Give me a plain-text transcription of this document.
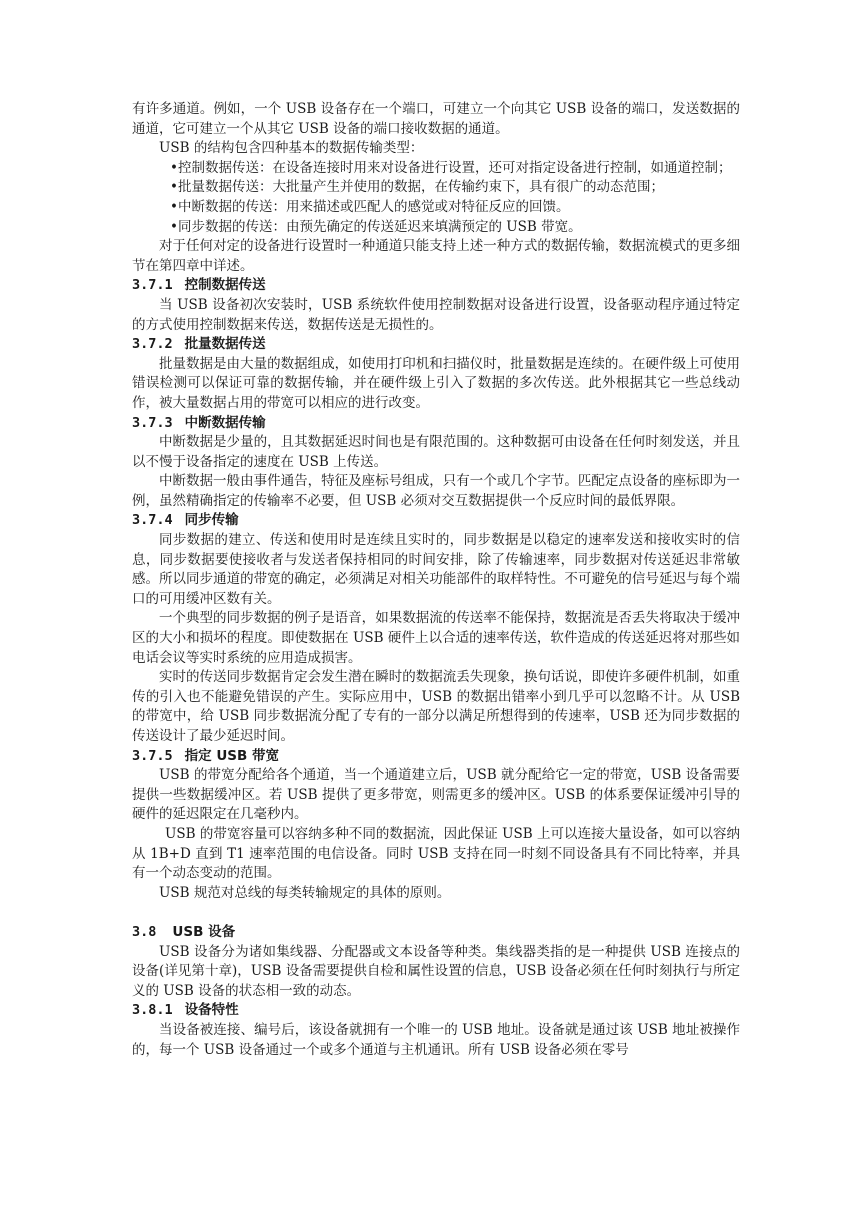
有许多通道。例如，一个 USB 设备存在一个端口，可建立一个向其它 USB 设备的端口，发送数据的通道，它可建立一个从其它 USB 设备的端口接收数据的通道。

USB 的结构包含四种基本的数据传输类型：

•控制数据传送：在设备连接时用来对设备进行设置，还可对指定设备进行控制，如通道控制；

•批量数据传送：大批量产生并使用的数据，在传输约束下，具有很广的动态范围；

•中断数据的传送：用来描述或匹配人的感觉或对特征反应的回馈。

•同步数据的传送：由预先确定的传送延迟来填满预定的 USB 带宽。

对于任何对定的设备进行设置时一种通道只能支持上述一种方式的数据传输，数据流模式的更多细节在第四章中详述。

3.7.1 控制数据传送

当 USB 设备初次安装时，USB 系统软件使用控制数据对设备进行设置，设备驱动程序通过特定的方式使用控制数据来传送，数据传送是无损性的。

3.7.2 批量数据传送

批量数据是由大量的数据组成，如使用打印机和扫描仪时，批量数据是连续的。在硬件级上可使用错误检测可以保证可靠的数据传输，并在硬件级上引入了数据的多次传送。此外根据其它一些总线动作，被大量数据占用的带宽可以相应的进行改变。

3.7.3 中断数据传输

中断数据是少量的，且其数据延迟时间也是有限范围的。这种数据可由设备在任何时刻发送，并且以不慢于设备指定的速度在 USB 上传送。

中断数据一般由事件通告，特征及座标号组成，只有一个或几个字节。匹配定点设备的座标即为一例，虽然精确指定的传输率不必要，但 USB 必须对交互数据提供一个反应时间的最低界限。

3.7.4 同步传输

同步数据的建立、传送和使用时是连续且实时的，同步数据是以稳定的速率发送和接收实时的信息，同步数据要使接收者与发送者保持相同的时间安排，除了传输速率，同步数据对传送延迟非常敏感。所以同步通道的带宽的确定，必须满足对相关功能部件的取样特性。不可避免的信号延迟与每个端口的可用缓冲区数有关。

一个典型的同步数据的例子是语音，如果数据流的传送率不能保持，数据流是否丢失将取决于缓冲区的大小和损坏的程度。即使数据在 USB 硬件上以合适的速率传送，软件造成的传送延迟将对那些如电话会议等实时系统的应用造成损害。

实时的传送同步数据肯定会发生潜在瞬时的数据流丢失现象，换句话说，即使许多硬件机制，如重传的引入也不能避免错误的产生。实际应用中，USB 的数据出错率小到几乎可以忽略不计。从 USB 的带宽中，给 USB 同步数据流分配了专有的一部分以满足所想得到的传速率，USB 还为同步数据的传送设计了最少延迟时间。

3.7.5 指定 USB 带宽

USB 的带宽分配给各个通道，当一个通道建立后，USB 就分配给它一定的带宽，USB 设备需要提供一些数据缓冲区。若 USB 提供了更多带宽，则需更多的缓冲区。USB 的体系要保证缓冲引导的硬件的延迟限定在几毫秒内。

USB 的带宽容量可以容纳多种不同的数据流，因此保证 USB 上可以连接大量设备，如可以容纳从 1B+D 直到 T1 速率范围的电信设备。同时 USB 支持在同一时刻不同设备具有不同比特率，并具有一个动态变动的范围。

USB 规范对总线的每类转输规定的具体的原则。

3.8 USB 设备

USB 设备分为诸如集线器、分配器或文本设备等种类。集线器类指的是一种提供 USB 连接点的设备(详见第十章)，USB 设备需要提供自检和属性设置的信息，USB 设备必须在任何时刻执行与所定义的 USB 设备的状态相一致的动态。

3.8.1 设备特性

当设备被连接、编号后，该设备就拥有一个唯一的 USB 地址。设备就是通过该 USB 地址被操作的，每一个 USB 设备通过一个或多个通道与主机通讯。所有 USB 设备必须在零号
